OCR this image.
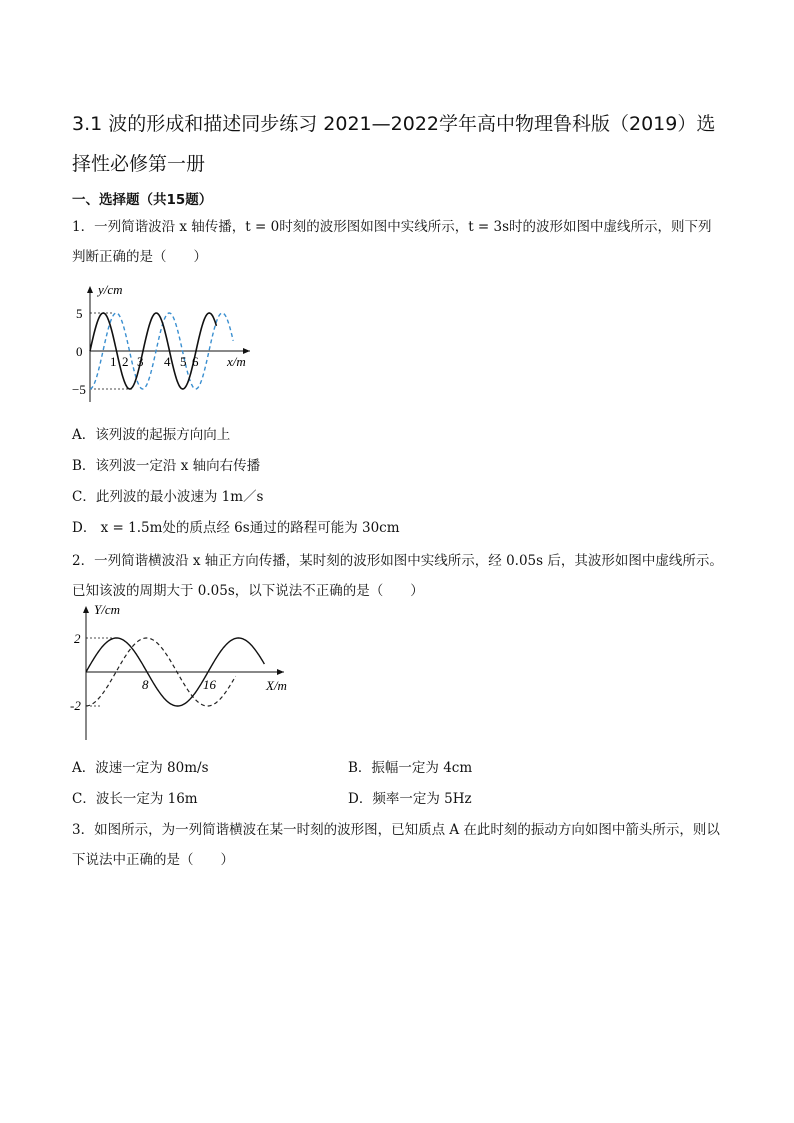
3.1 波的形成和描述同步练习 2021—2022学年高中物理鲁科版（2019）选择性必修第一册
一、选择题（共15题）
1．一列简谐波沿 x 轴传播，t = 0时刻的波形图如图中实线所示，t = 3s时的波形如图中虚线所示，则下列判断正确的是（　　）
y/cm
x/m
5
0
−5
1 2 3 4 5 6
A．该列波的起振方向向上
B．该列波一定沿 x 轴向右传播
C．此列波的最小波速为 1m／s
D． x = 1.5m处的质点经 6s通过的路程可能为 30cm
2．一列简谐横波沿 x 轴正方向传播，某时刻的波形如图中实线所示，经 0.05s 后，其波形如图中虚线所示。已知该波的周期大于 0.05s，以下说法不正确的是（　　）
Y/cm
X/m
2
-2
8	16
A．波速一定为 80m/s	B．振幅一定为 4cm
C．波长一定为 16m	D．频率一定为 5Hz
3．如图所示，为一列简谐横波在某一时刻的波形图，已知质点 A 在此时刻的振动方向如图中箭头所示，则以下说法中正确的是（　　）
